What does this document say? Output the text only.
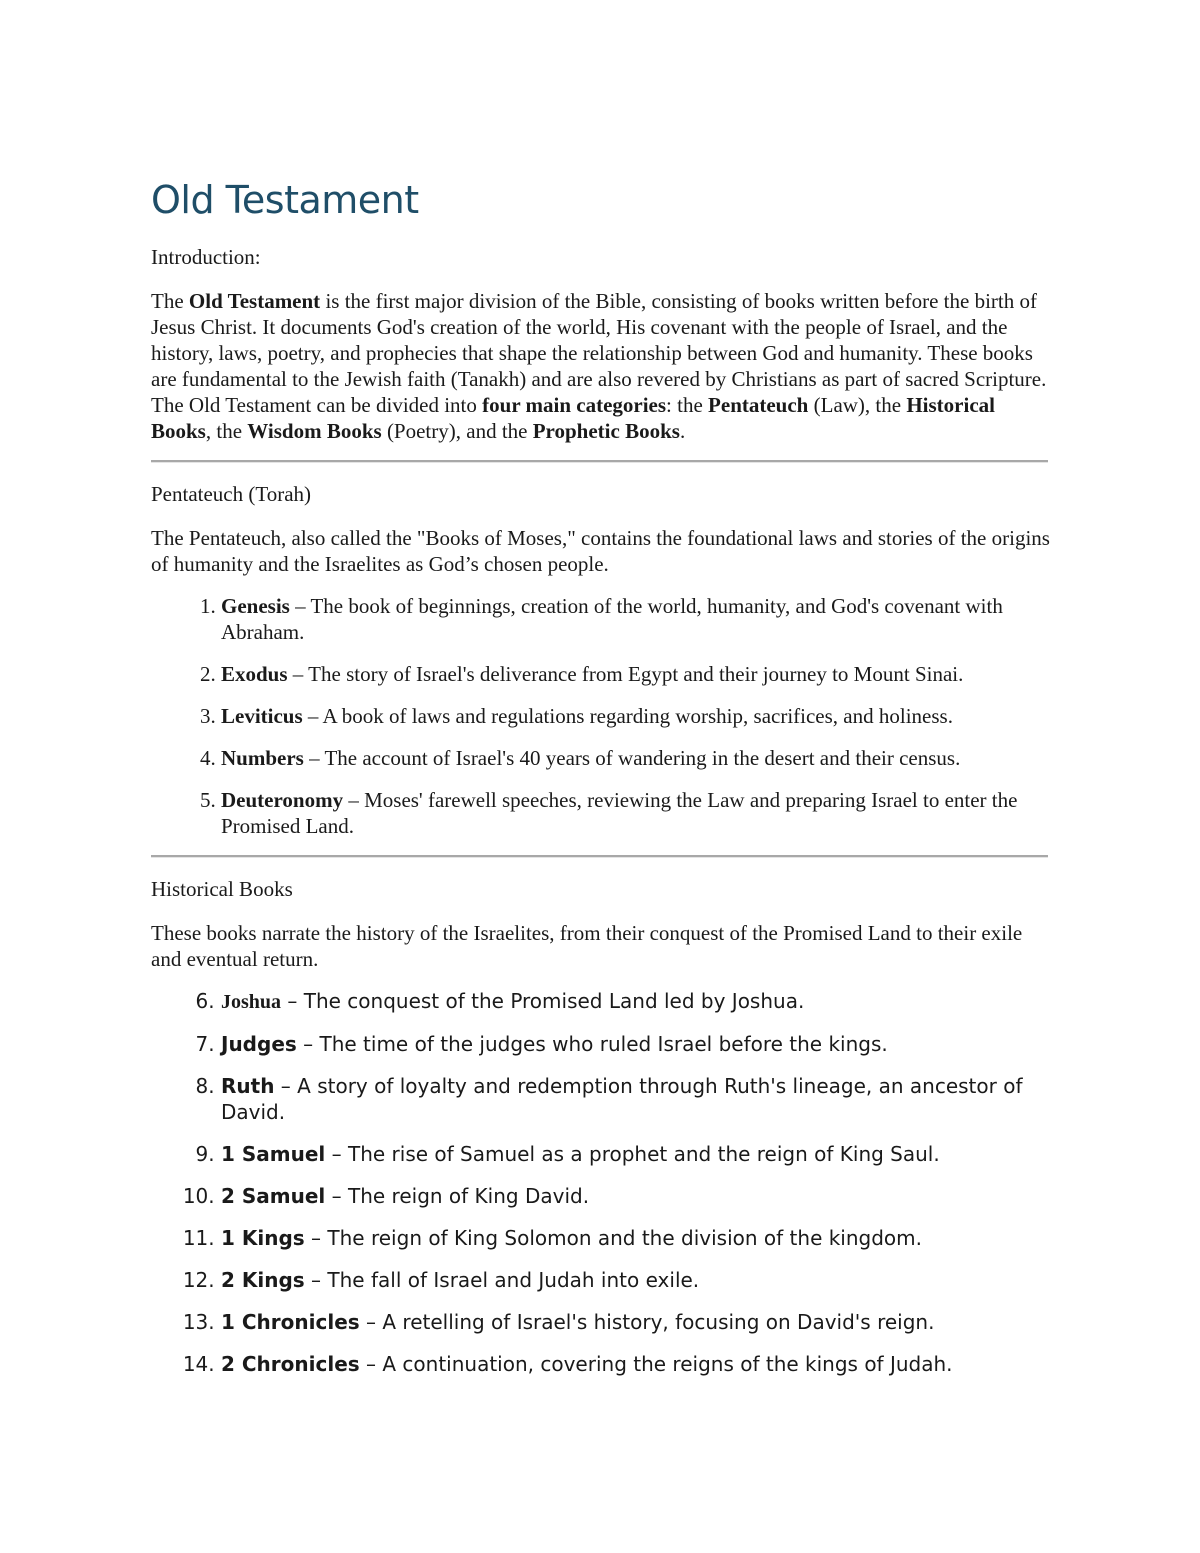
Old Testament
Introduction:

The Old Testament is the first major division of the Bible, consisting of books written before the birth of Jesus Christ. It documents God's creation of the world, His covenant with the people of Israel, and the history, laws, poetry, and prophecies that shape the relationship between God and humanity. These books are fundamental to the Jewish faith (Tanakh) and are also revered by Christians as part of sacred Scripture. The Old Testament can be divided into four main categories: the Pentateuch (Law), the Historical Books, the Wisdom Books (Poetry), and the Prophetic Books.

Pentateuch (Torah)

The Pentateuch, also called the "Books of Moses," contains the foundational laws and stories of the origins of humanity and the Israelites as God’s chosen people.

1. Genesis – The book of beginnings, creation of the world, humanity, and God's covenant with Abraham.
2. Exodus – The story of Israel's deliverance from Egypt and their journey to Mount Sinai.
3. Leviticus – A book of laws and regulations regarding worship, sacrifices, and holiness.
4. Numbers – The account of Israel's 40 years of wandering in the desert and their census.
5. Deuteronomy – Moses' farewell speeches, reviewing the Law and preparing Israel to enter the Promised Land.
Historical Books

These books narrate the history of the Israelites, from their conquest of the Promised Land to their exile and eventual return.

6. Joshua – The conquest of the Promised Land led by Joshua.
7. Judges – The time of the judges who ruled Israel before the kings.
8. Ruth – A story of loyalty and redemption through Ruth's lineage, an ancestor of David.
9. 1 Samuel – The rise of Samuel as a prophet and the reign of King Saul.
10. 2 Samuel – The reign of King David.
11. 1 Kings – The reign of King Solomon and the division of the kingdom.
12. 2 Kings – The fall of Israel and Judah into exile.
13. 1 Chronicles – A retelling of Israel's history, focusing on David's reign.
14. 2 Chronicles – A continuation, covering the reigns of the kings of Judah.
